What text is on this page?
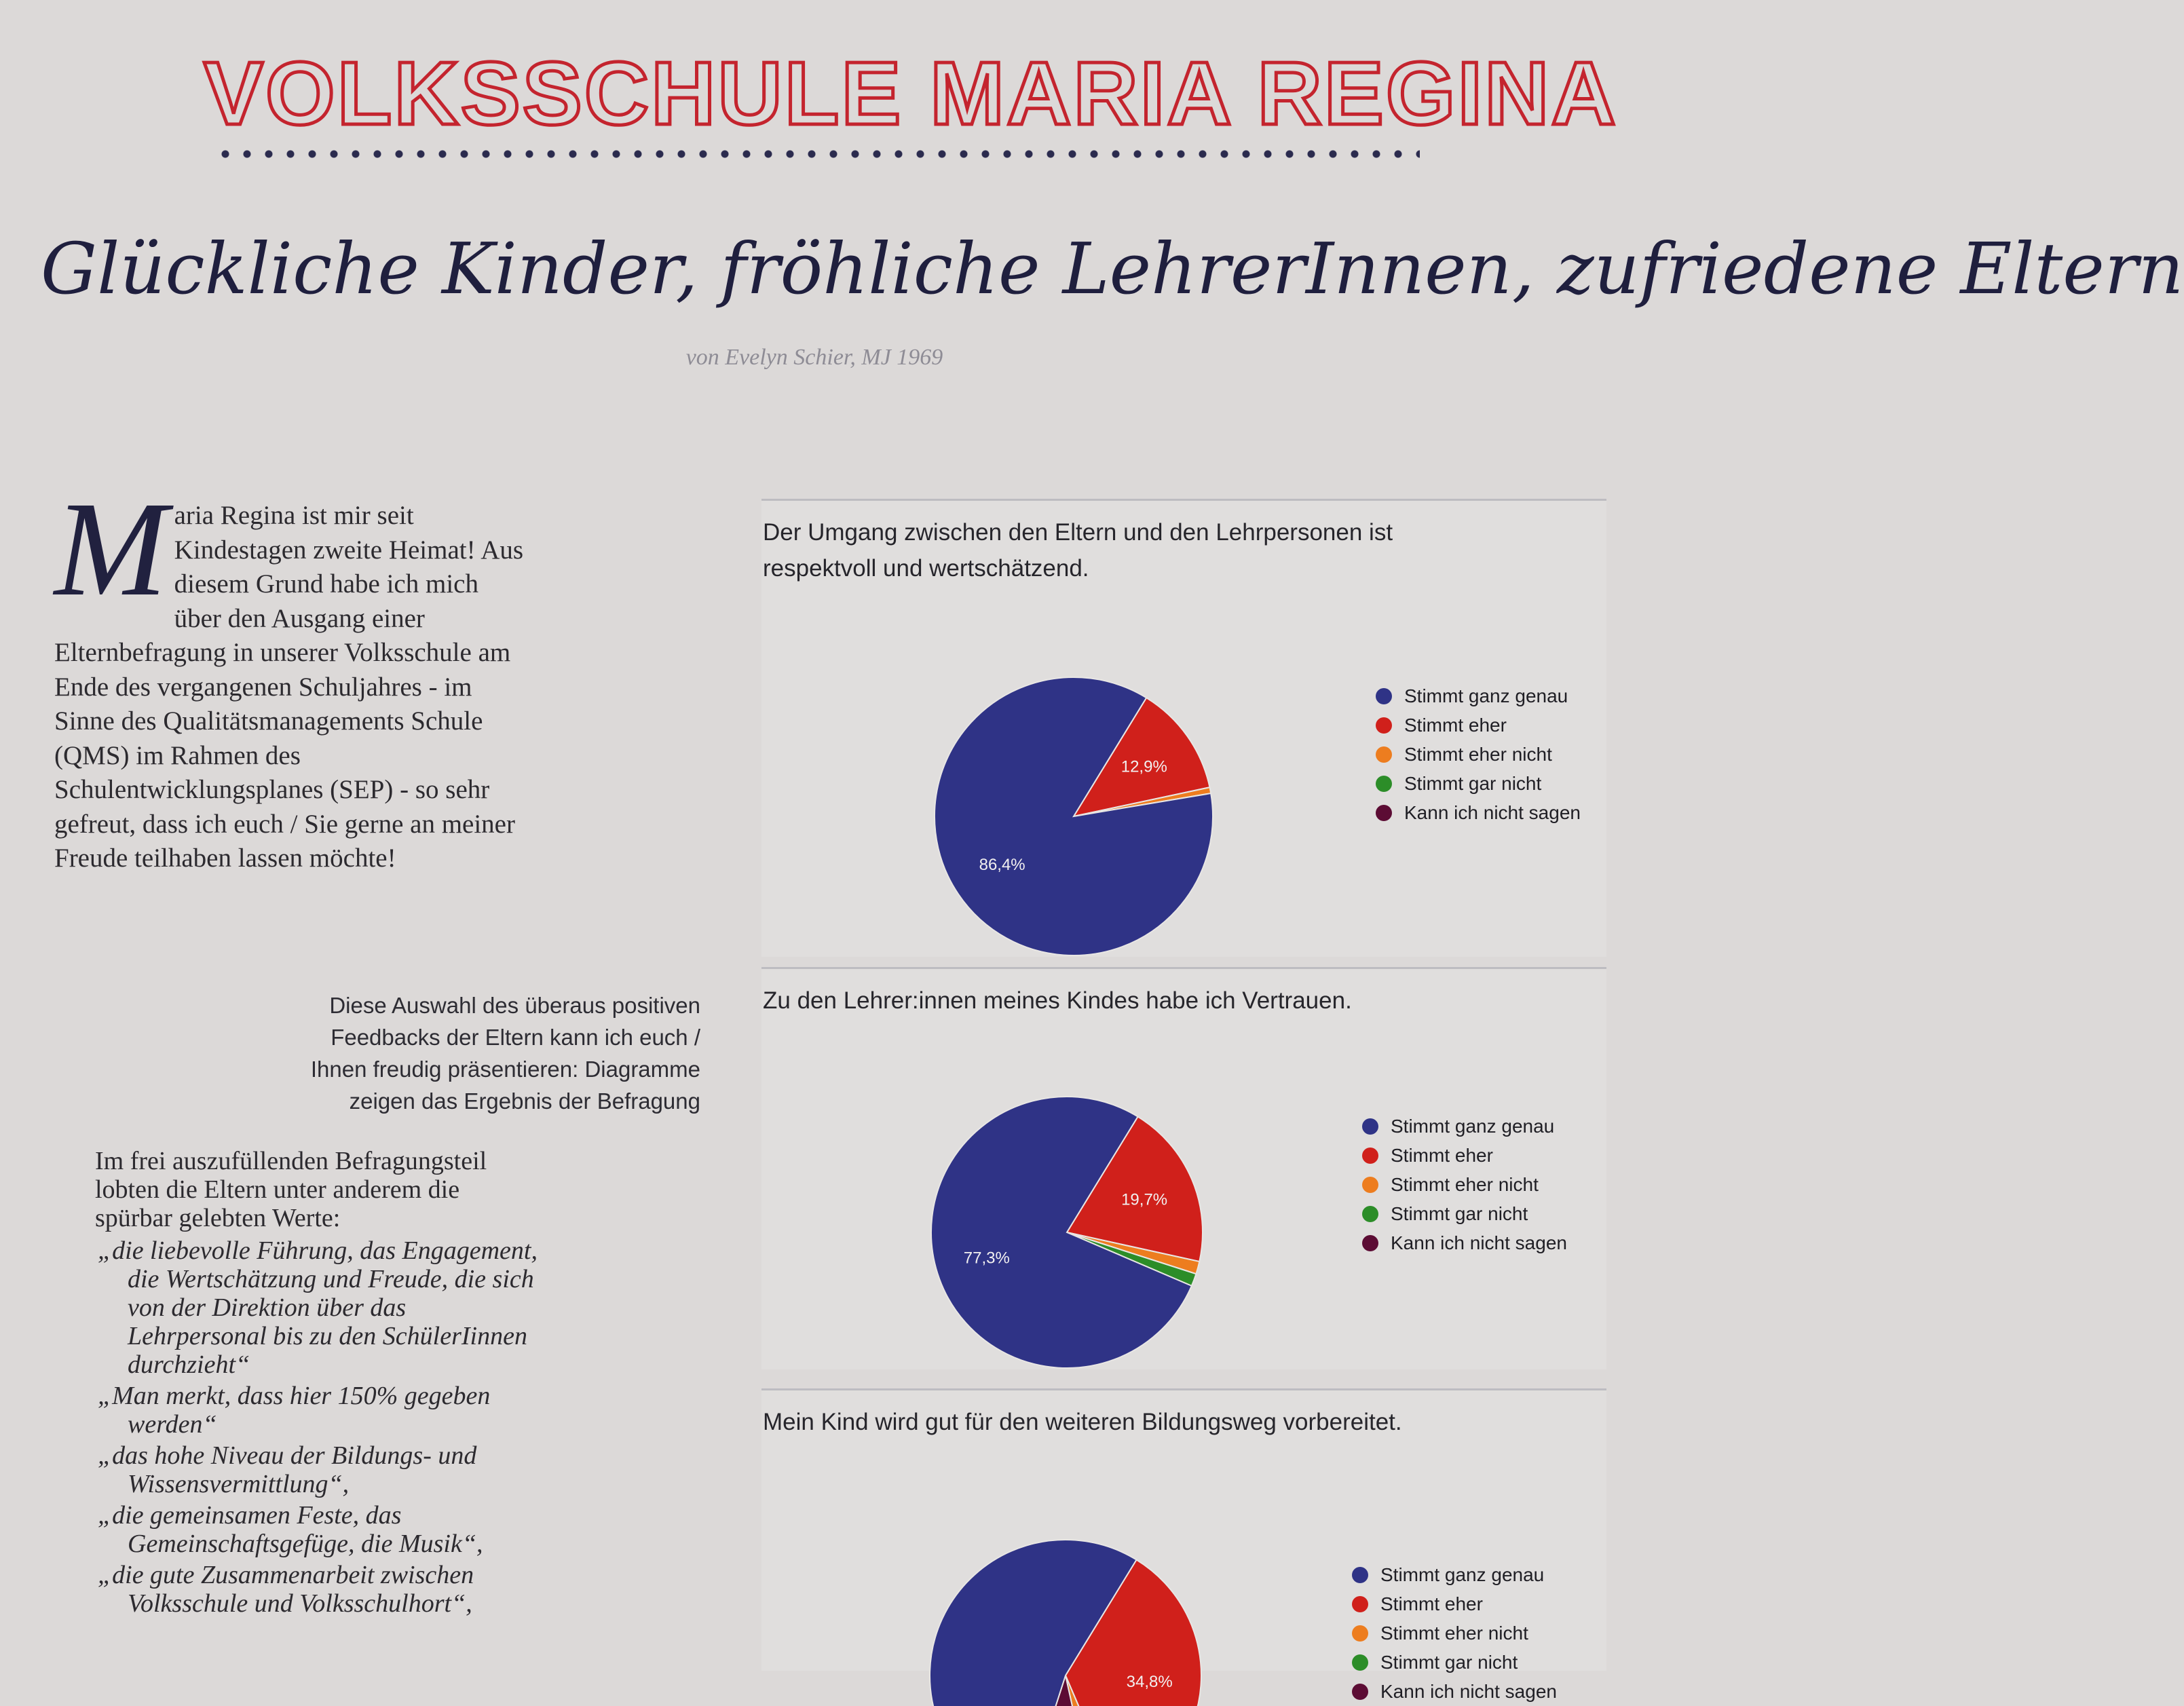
VOLKSSCHULE MARIA REGINA
Glückliche Kinder, fröhliche LehrerInnen, zufriedene Eltern
von Evelyn Schier, MJ 1969
M aria Regina ist mir seit Kindestagen zweite Heimat! Aus diesem Grund habe ich mich über den Ausgang einer Elternbefragung in unserer Volksschule am Ende des vergangenen Schuljahres - im Sinne des Qualitätsmanagements Schule (QMS) im Rahmen des Schulentwicklungsplanes (SEP) - so sehr gefreut, dass ich euch / Sie gerne an meiner Freude teilhaben lassen möchte!
Diese Auswahl des überaus positiven Feedbacks der Eltern kann ich euch / Ihnen freudig präsentieren: Diagramme zeigen das Ergebnis der Befragung

Im frei auszufüllenden Befragungsteil lobten die Eltern unter anderem die spürbar gelebten Werte:

„die liebevolle Führung, das Engagement, die Wertschätzung und Freude, die sich von der Direktion über das Lehrpersonal bis zu den SchülerIinnen durchzieht“

„Man merkt, dass hier 150% gegeben werden“

„das hohe Niveau der Bildungs- und Wissensvermittlung“,

„die gemeinsamen Feste, das Gemeinschaftsgefüge, die Musik“,

„die gute Zusammenarbeit zwischen Volksschule und Volksschulhort“,

Der Umgang zwischen den Eltern und den Lehrpersonen ist respektvoll und wertschätzend.
86,4%
12,9%
Stimmt ganz genau
Stimmt eher
Stimmt eher nicht
Stimmt gar nicht
Kann ich nicht sagen
Zu den Lehrer:innen meines Kindes habe ich Vertrauen.
77,3%
19,7%
Stimmt ganz genau
Stimmt eher
Stimmt eher nicht
Stimmt gar nicht
Kann ich nicht sagen
Mein Kind wird gut für den weiteren Bildungsweg vorbereitet.
34,8%
Stimmt ganz genau
Stimmt eher
Stimmt eher nicht
Stimmt gar nicht
Kann ich nicht sagen
